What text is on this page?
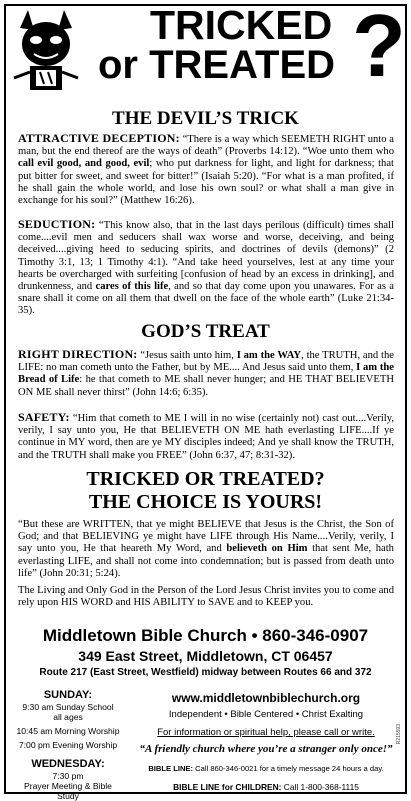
TRICKED
or TREATED ?
THE DEVIL’S TRICK

ATTRACTIVE DECEPTION: “There is a way which SEEMETH RIGHT unto a man, but the end thereof are the ways of death” (Proverbs 14:12). “Woe unto them who call evil good, and good, evil; who put darkness for light, and light for darkness; that put bitter for sweet, and sweet for bitter!” (Isaiah 5:20). “For what is a man profited, if he shall gain the whole world, and lose his own soul? or what shall a man give in exchange for his soul?” (Matthew 16:26).

SEDUCTION: “This know also, that in the last days perilous (difficult) times shall come....evil men and seducers shall wax worse and worse, deceiving, and being deceived....giving heed to seducing spirits, and doctrines of devils (demons)” (2 Timothy 3:1, 13; 1 Timothy 4:1). “And take heed yourselves, lest at any time your hearts be overcharged with surfeiting [confusion of head by an excess in drinking], and drunkenness, and cares of this life, and so that day come upon you unawares. For as a snare shall it come on all them that dwell on the face of the whole earth” (Luke 21:34-35).

GOD’S TREAT

RIGHT DIRECTION: “Jesus saith unto him, I am the WAY, the TRUTH, and the LIFE: no man cometh unto the Father, but by ME.... And Jesus said unto them, I am the Bread of Life: he that cometh to ME shall never hunger; and HE THAT BELIEVETH ON ME shall never thirst” (John 14:6; 6:35).

SAFETY: “Him that cometh to ME I will in no wise (certainly not) cast out....Verily, verily, I say unto you, He that BELIEVETH ON ME hath everlasting LIFE....If ye continue in MY word, then are ye MY disciples indeed; And ye shall know the TRUTH, and the TRUTH shall make you FREE” (John 6:37, 47; 8:31-32).

TRICKED OR TREATED?
THE CHOICE IS YOURS!

“But these are WRITTEN, that ye might BELIEVE that Jesus is the Christ, the Son of God; and that BELIEVING ye might have LIFE through His Name....Verily, verily, I say unto you, He that heareth My Word, and believeth on Him that sent Me, hath everlasting LIFE, and shall not come into condemnation; but is passed from death unto life” (John 20:31; 5:24).

The Living and Only God in the Person of the Lord Jesus Christ invites you to come and rely upon HIS WORD and HIS ABILITY to SAVE and to KEEP you.

Middletown Bible Church • 860-346-0907
349 East Street, Middletown, CT 06457
Route 217 (East Street, Westfield) midway between Routes 66 and 372
SUNDAY:
9:30 am Sunday School
all ages
10:45 am Morning Worship
7:00 pm Evening Worship
WEDNESDAY:
7:30 pm
Prayer Meeting & Bible Study
www.middletownbiblechurch.org
Independent • Bible Centered • Christ Exalting
For information or spiritual help, please call or write.
“A friendly church where you’re a stranger only once!”
BIBLE LINE: Call 860-346-0021 for a timely message 24 hours a day.
BIBLE LINE for CHILDREN: Call 1-800-368-1115
R215593
